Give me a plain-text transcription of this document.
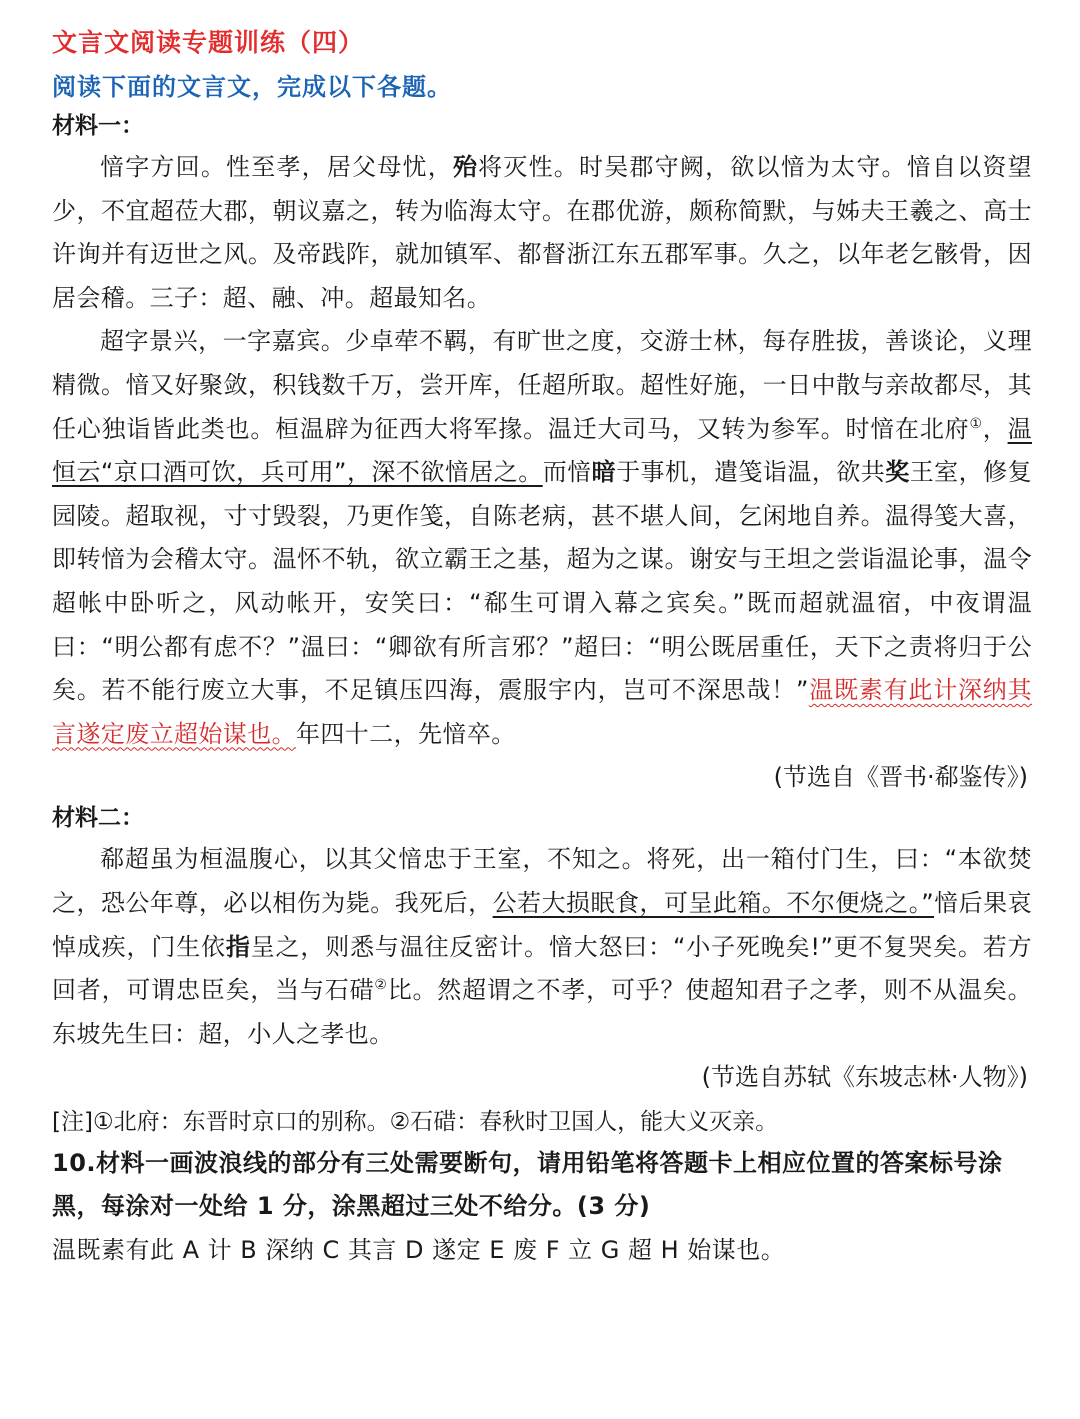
文言文阅读专题训练（四）
阅读下面的文言文，完成以下各题。
材料一：

愔字方回。性至孝，居父母忧，殆将灭性。时吴郡守阙，欲以愔为太守。愔自以资望少，不宜超莅大郡，朝议嘉之，转为临海太守。在郡优游，颇称简默，与姊夫王羲之、高士许询并有迈世之风。及帝践阼，就加镇军、都督浙江东五郡军事。久之，以年老乞骸骨，因居会稽。三子：超、融、冲。超最知名。

超字景兴，一字嘉宾。少卓荦不羁，有旷世之度，交游士林，每存胜拔，善谈论，义理精微。愔又好聚敛，积钱数千万，尝开库，任超所取。超性好施，一日中散与亲故都尽，其任心独诣皆此类也。桓温辟为征西大将军掾。温迁大司马，又转为参军。时愔在北府①，温恒云“京口酒可饮，兵可用”，深不欲愔居之。而愔暗于事机，遣笺诣温，欲共奖王室，修复园陵。超取视，寸寸毁裂，乃更作笺，自陈老病，甚不堪人间，乞闲地自养。温得笺大喜，即转愔为会稽太守。温怀不轨，欲立霸王之基，超为之谋。谢安与王坦之尝诣温论事，温令超帐中卧听之，风动帐开，安笑曰：“郗生可谓入幕之宾矣。”既而超就温宿，中夜谓温曰：“明公都有虑不？”温曰：“卿欲有所言邪？”超曰：“明公既居重任，天下之责将归于公矣。若不能行废立大事，不足镇压四海，震服宇内，岂可不深思哉！”温既素有此计深纳其言遂定废立超始谋也。年四十二，先愔卒。

(节选自《晋书·郗鉴传》)
材料二：

郗超虽为桓温腹心，以其父愔忠于王室，不知之。将死，出一箱付门生，曰：“本欲焚之，恐公年尊，必以相伤为毙。我死后，公若大损眠食，可呈此箱。不尔便烧之。”愔后果哀悼成疾，门生依指呈之，则悉与温往反密计。愔大怒曰：“小子死晚矣!”更不复哭矣。若方回者，可谓忠臣矣，当与石碏②比。然超谓之不孝，可乎？使超知君子之孝，则不从温矣。东坡先生曰：超，小人之孝也。

(节选自苏轼《东坡志林·人物》)
[注]①北府：东晋时京口的别称。②石碏：春秋时卫国人，能大义灭亲。
10.材料一画波浪线的部分有三处需要断句，请用铅笔将答题卡上相应位置的答案标号涂黑，每涂对一处给 1 分，涂黑超过三处不给分。(3 分)
温既素有此 A 计 B 深纳 C 其言 D 遂定 E 废 F 立 G 超 H 始谋也。
